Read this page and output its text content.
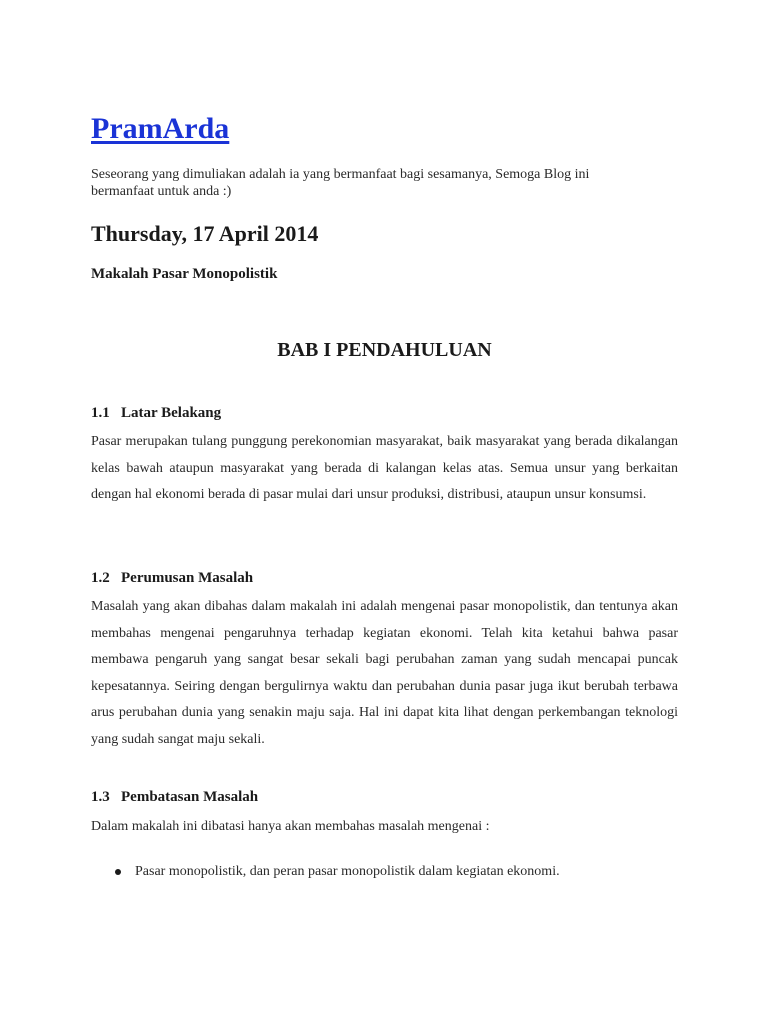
PramArda

Seseorang yang dimuliakan adalah ia yang bermanfaat bagi sesamanya, Semoga Blog ini bermanfaat untuk anda :)

Thursday, 17 April 2014
Makalah Pasar Monopolistik
BAB I PENDAHULUAN
1.1 Latar Belakang

Pasar merupakan tulang punggung perekonomian masyarakat, baik masyarakat yang berada dikalangan kelas bawah ataupun masyarakat yang berada di kalangan kelas atas. Semua unsur yang berkaitan dengan hal ekonomi berada di pasar mulai dari unsur produksi, distribusi, ataupun unsur konsumsi.

1.2 Perumusan Masalah

Masalah yang akan dibahas dalam makalah ini adalah mengenai pasar monopolistik, dan tentunya akan membahas mengenai pengaruhnya terhadap kegiatan ekonomi. Telah kita ketahui bahwa pasar membawa pengaruh yang sangat besar sekali bagi perubahan zaman yang sudah mencapai puncak kepesatannya. Seiring dengan bergulirnya waktu dan perubahan dunia pasar juga ikut berubah terbawa arus perubahan dunia yang senakin maju saja. Hal ini dapat kita lihat dengan perkembangan teknologi yang sudah sangat maju sekali.

1.3 Pembatasan Masalah

Dalam makalah ini dibatasi hanya akan membahas masalah mengenai :

Pasar monopolistik, dan peran pasar monopolistik dalam kegiatan ekonomi.
